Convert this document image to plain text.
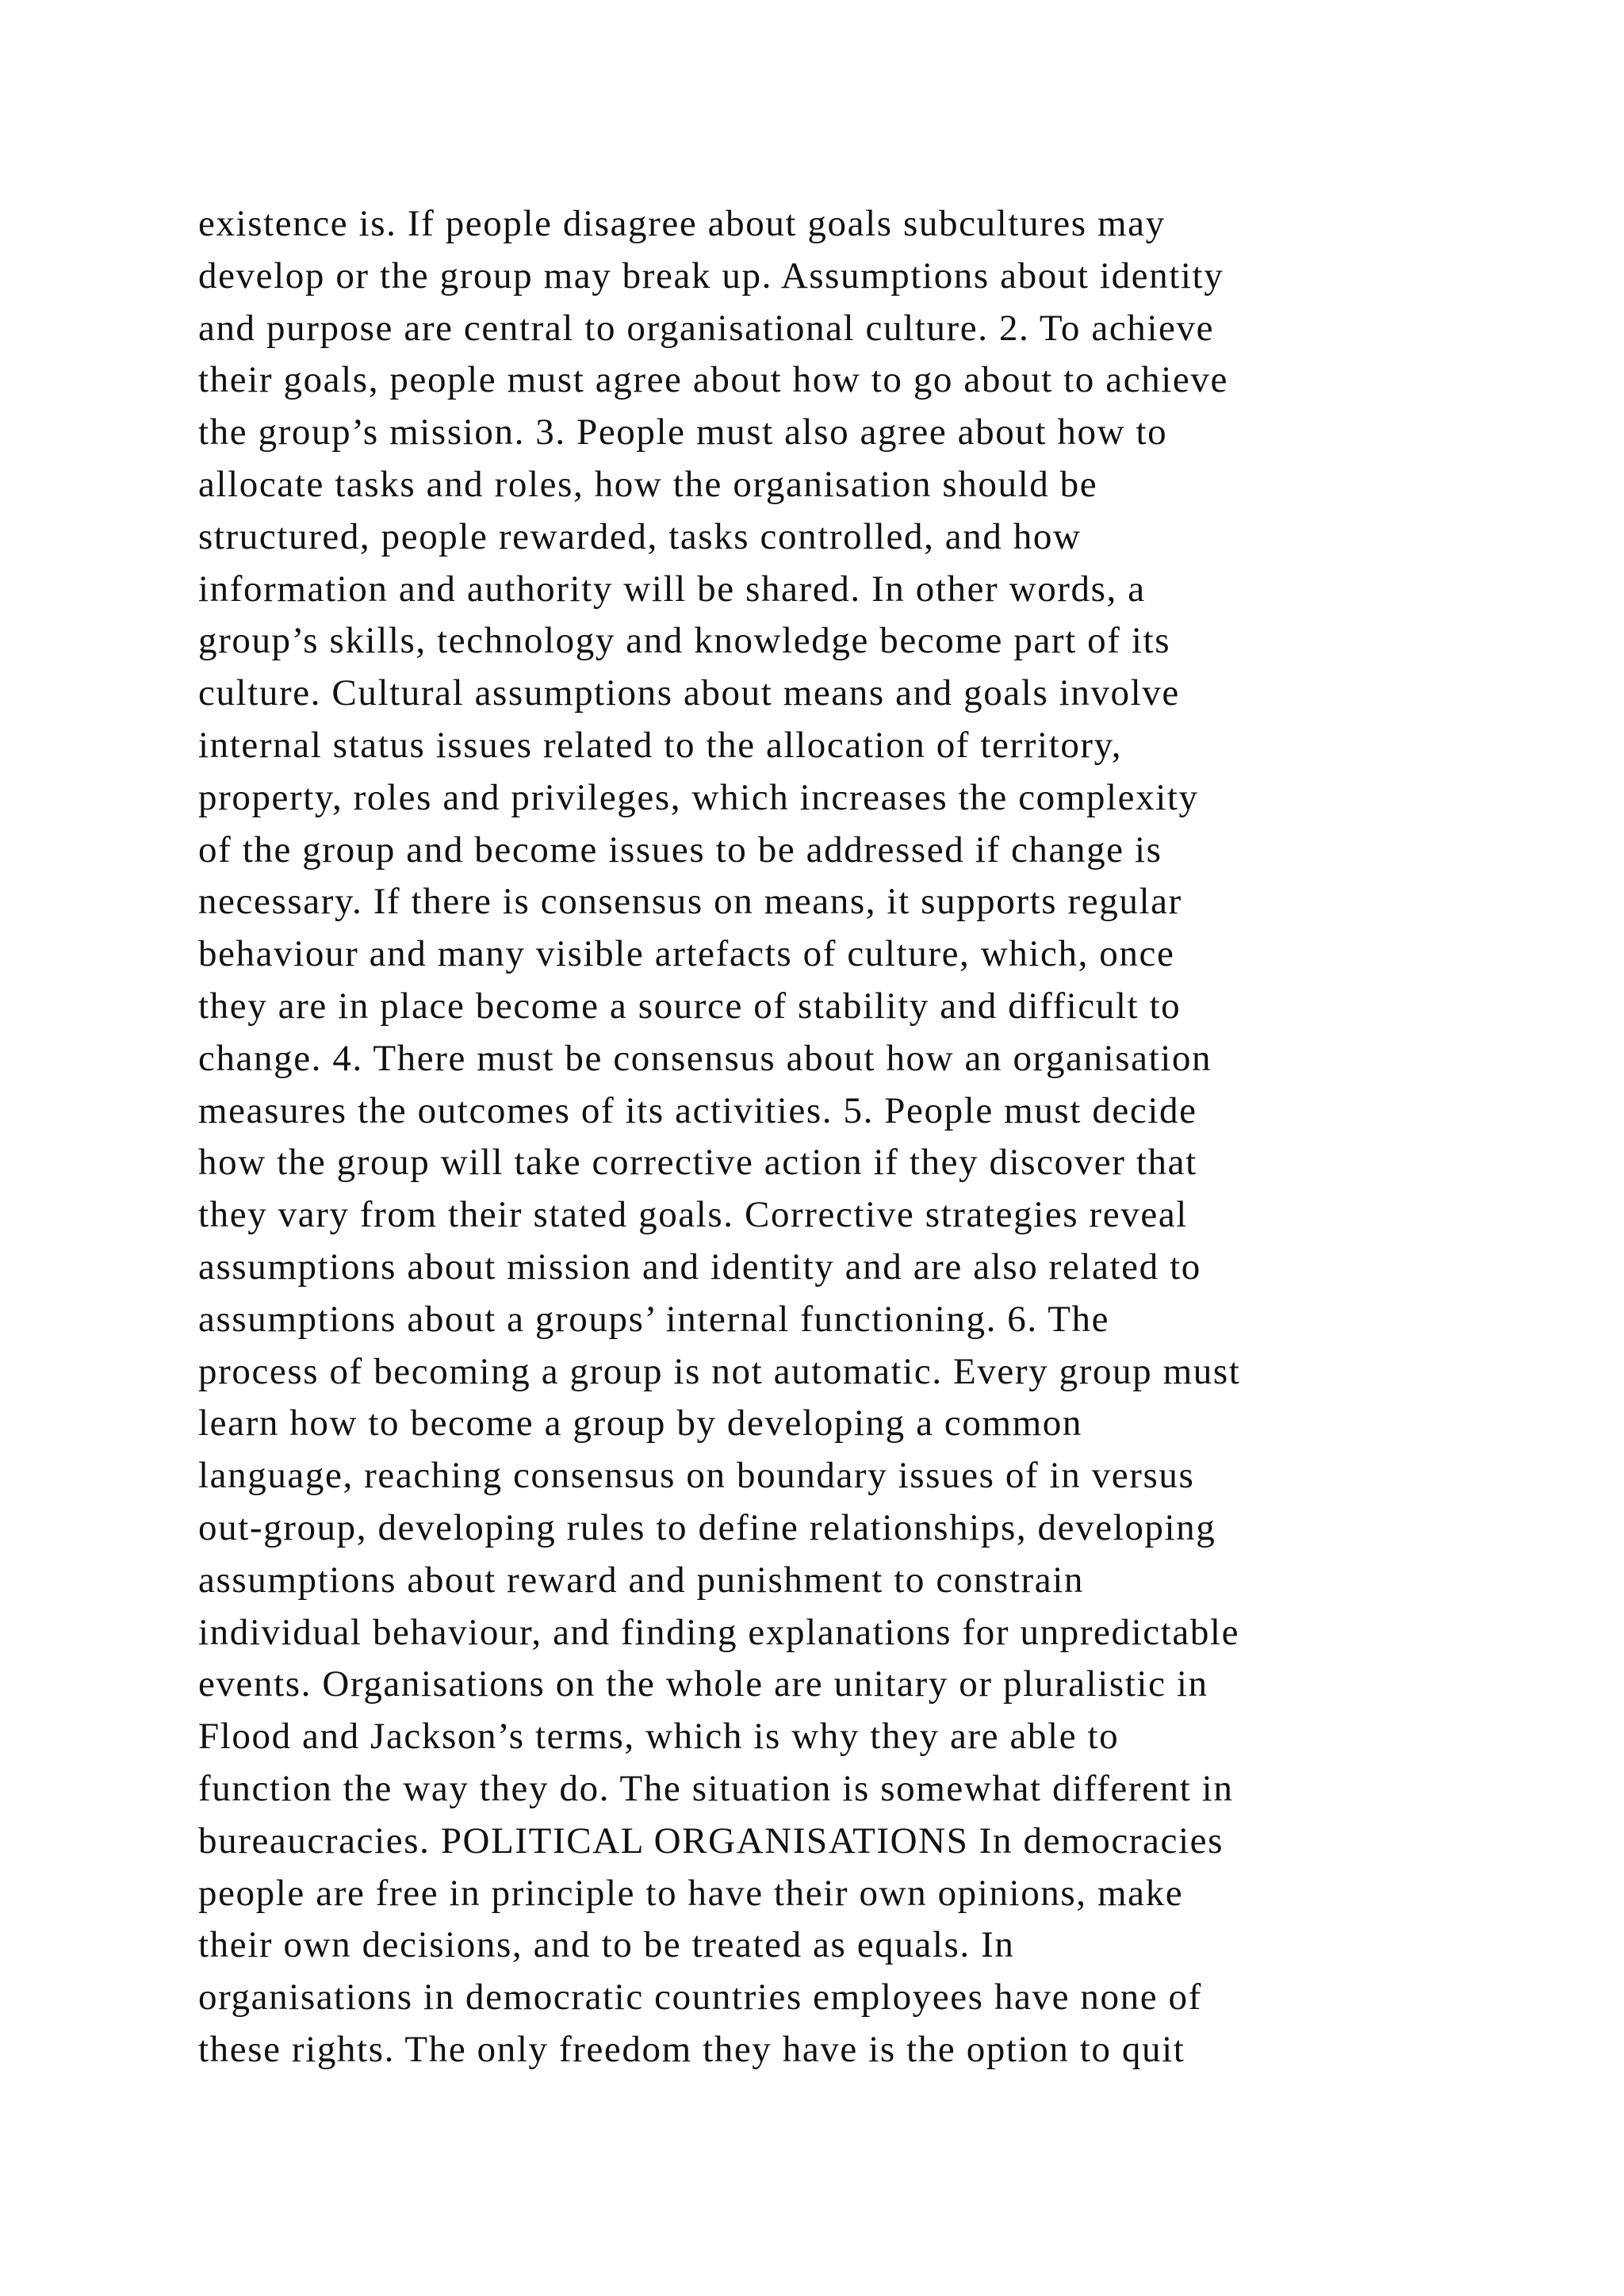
existence is. If people disagree about goals subcultures may
develop or the group may break up. Assumptions about identity
and purpose are central to organisational culture. 2. To achieve
their goals, people must agree about how to go about to achieve
the group’s mission. 3. People must also agree about how to
allocate tasks and roles, how the organisation should be
structured, people rewarded, tasks controlled, and how
information and authority will be shared. In other words, a
group’s skills, technology and knowledge become part of its
culture. Cultural assumptions about means and goals involve
internal status issues related to the allocation of territory,
property, roles and privileges, which increases the complexity
of the group and become issues to be addressed if change is
necessary. If there is consensus on means, it supports regular
behaviour and many visible artefacts of culture, which, once
they are in place become a source of stability and difficult to
change. 4. There must be consensus about how an organisation
measures the outcomes of its activities. 5. People must decide
how the group will take corrective action if they discover that
they vary from their stated goals. Corrective strategies reveal
assumptions about mission and identity and are also related to
assumptions about a groups’ internal functioning. 6. The
process of becoming a group is not automatic. Every group must
learn how to become a group by developing a common
language, reaching consensus on boundary issues of in versus
out-group, developing rules to define relationships, developing
assumptions about reward and punishment to constrain
individual behaviour, and finding explanations for unpredictable
events. Organisations on the whole are unitary or pluralistic in
Flood and Jackson’s terms, which is why they are able to
function the way they do. The situation is somewhat different in
bureaucracies. POLITICAL ORGANISATIONS In democracies
people are free in principle to have their own opinions, make
their own decisions, and to be treated as equals. In
organisations in democratic countries employees have none of
these rights. The only freedom they have is the option to quit
